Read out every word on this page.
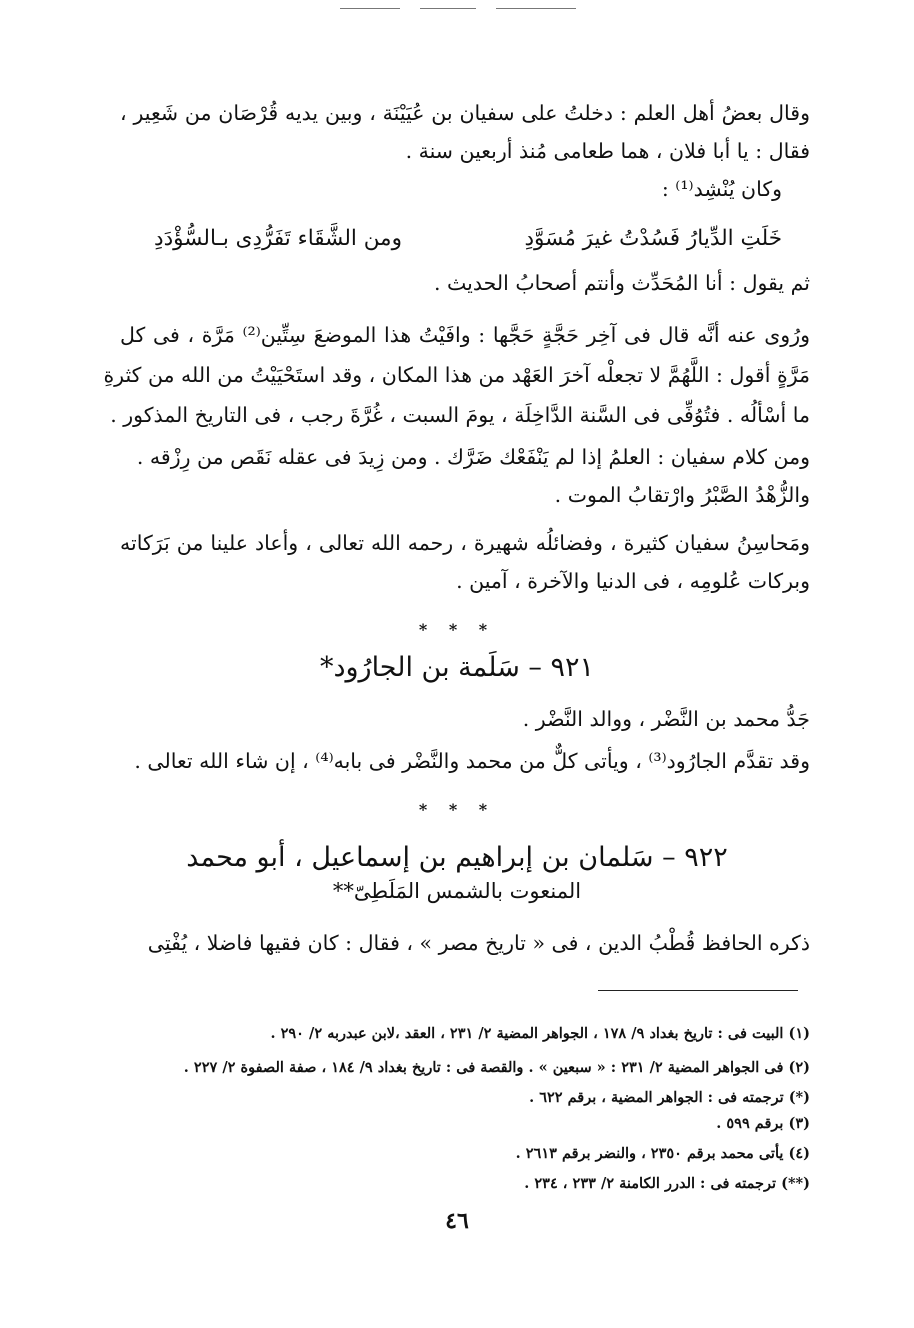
وقال بعضُ أهل العلم : دخلتُ على سفيان بن عُيَيْنَة ، وبين يديه قُرْصَان من شَعِير ،
فقال : يا أبا فلان ، هما طعامى مُنذ أربعين سنة .
وكان يُنْشِد⁽¹⁾ :
خَلَتِ الدِّيارُ فَسُدْتُ غيرَ مُسَوَّدِ
ومن الشَّقَاء تَفَرُّدِى بـالسُّؤْدَدِ
ثم يقول : أنا المُحَدِّث وأنتم أصحابُ الحديث .
ورُوى عنه أنَّه قال فى آخِر حَجَّةٍ حَجَّها : وافَيْتُ هذا الموضعَ سِتِّين⁽²⁾ مَرَّة ، فى كل
مَرَّةٍ أقول : اللَّهُمَّ لا تجعلْه آخرَ العَهْد من هذا المكان ، وقد استَحْيَيْتُ من الله من كثرةِ
ما أسْألُه . فتُوُفِّى فى السَّنة الدَّاخِلَة ، يومَ السبت ، غُرَّةَ رجب ، فى التاريخ المذكور .
ومن كلام سفيان : العلمُ إذا لم يَنْفَعْك ضَرَّك . ومن زِيدَ فى عقله نَقَص من رِزْقه .
والزُّهْدُ الصَّبْرُ وارْتقابُ الموت .
ومَحاسِنُ سفيان كثيرة ، وفضائلُه شهيرة ، رحمه الله تعالى ، وأعاد علينا من بَرَكاته
وبركات عُلومِه ، فى الدنيا والآخرة ، آمين .
جَدُّ محمد بن النَّضْر ، ووالد النَّضْر .
وقد تقدَّم الجارُود⁽³⁾ ، ويأتى كلٌّ من محمد والنَّضْر فى بابه⁽⁴⁾ ، إن شاء الله تعالى .
ذكره الحافظ قُطْبُ الدين ، فى « تاريخ مصر » ، فقال : كان فقيها فاضلا ، يُفْتِى
* * *
٩٢١ – سَلَمة بن الجارُود*
* * *
٩٢٢ – سَلمان بن إبراهيم بن إسماعيل ، أبو محمد
المنعوت بالشمس المَلَطِىّ**
(١) البيت فى : تاريخ بغداد ٩/ ١٧٨ ، الجواهر المضية ٢/ ٢٣١ ، العقد ،لابن عبدربه ٢/ ٢٩٠ .
(٢) فى الجواهر المضية ٢/ ٢٣١ : « سبعين » . والقصة فى : تاريخ بغداد ٩/ ١٨٤ ، صفة الصفوة ٢/ ٢٢٧ .
(*) ترجمته فى : الجواهر المضية ، برقم ٦٢٢ .
(٣) برقم ٥٩٩ .
(٤) يأتى محمد برقم ٢٣٥٠ ، والنضر برقم ٢٦١٣ .
(**) ترجمته فى : الدرر الكامنة ٢/ ٢٣٣ ، ٢٣٤ .
٤٦
